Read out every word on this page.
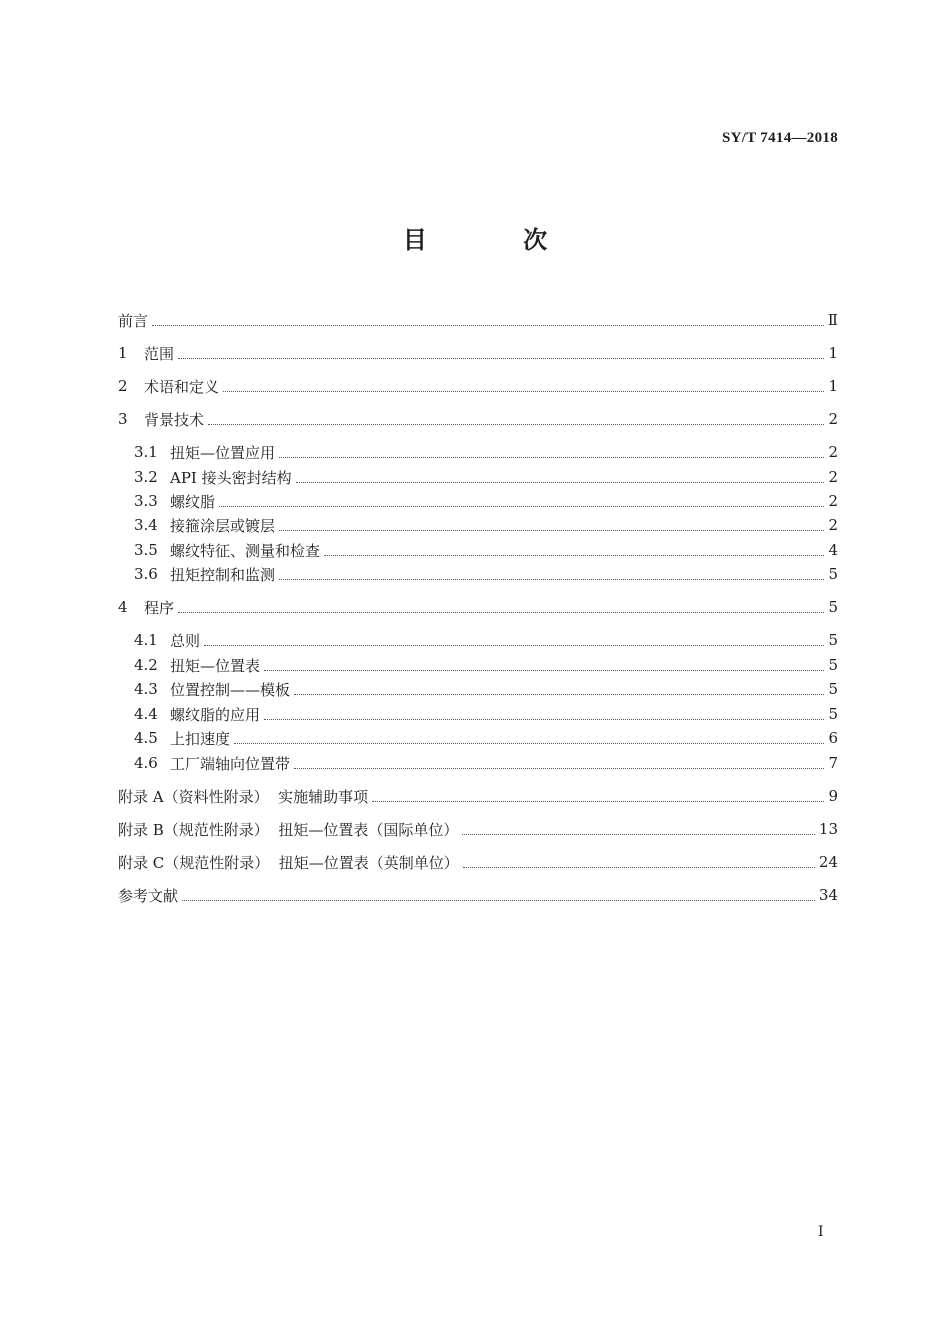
SY/T 7414—2018
目 次
前言	Ⅱ
1	范围	1
2	术语和定义	1
3	背景技术	2
3.1 扭矩—位置应用	2
3.2 API 接头密封结构	2
3.3 螺纹脂	2
3.4 接箍涂层或镀层	2
3.5 螺纹特征、测量和检查	4
3.6 扭矩控制和监测	5
4	程序	5
4.1 总则	5
4.2 扭矩—位置表	5
4.3 位置控制——模板	5
4.4 螺纹脂的应用	5
4.5 上扣速度	6
4.6 工厂端轴向位置带	7
附录 A（资料性附录）  实施辅助事项	9
附录 B（规范性附录）  扭矩—位置表（国际单位）	13
附录 C（规范性附录）  扭矩—位置表（英制单位）	24
参考文献	34
Ⅰ
